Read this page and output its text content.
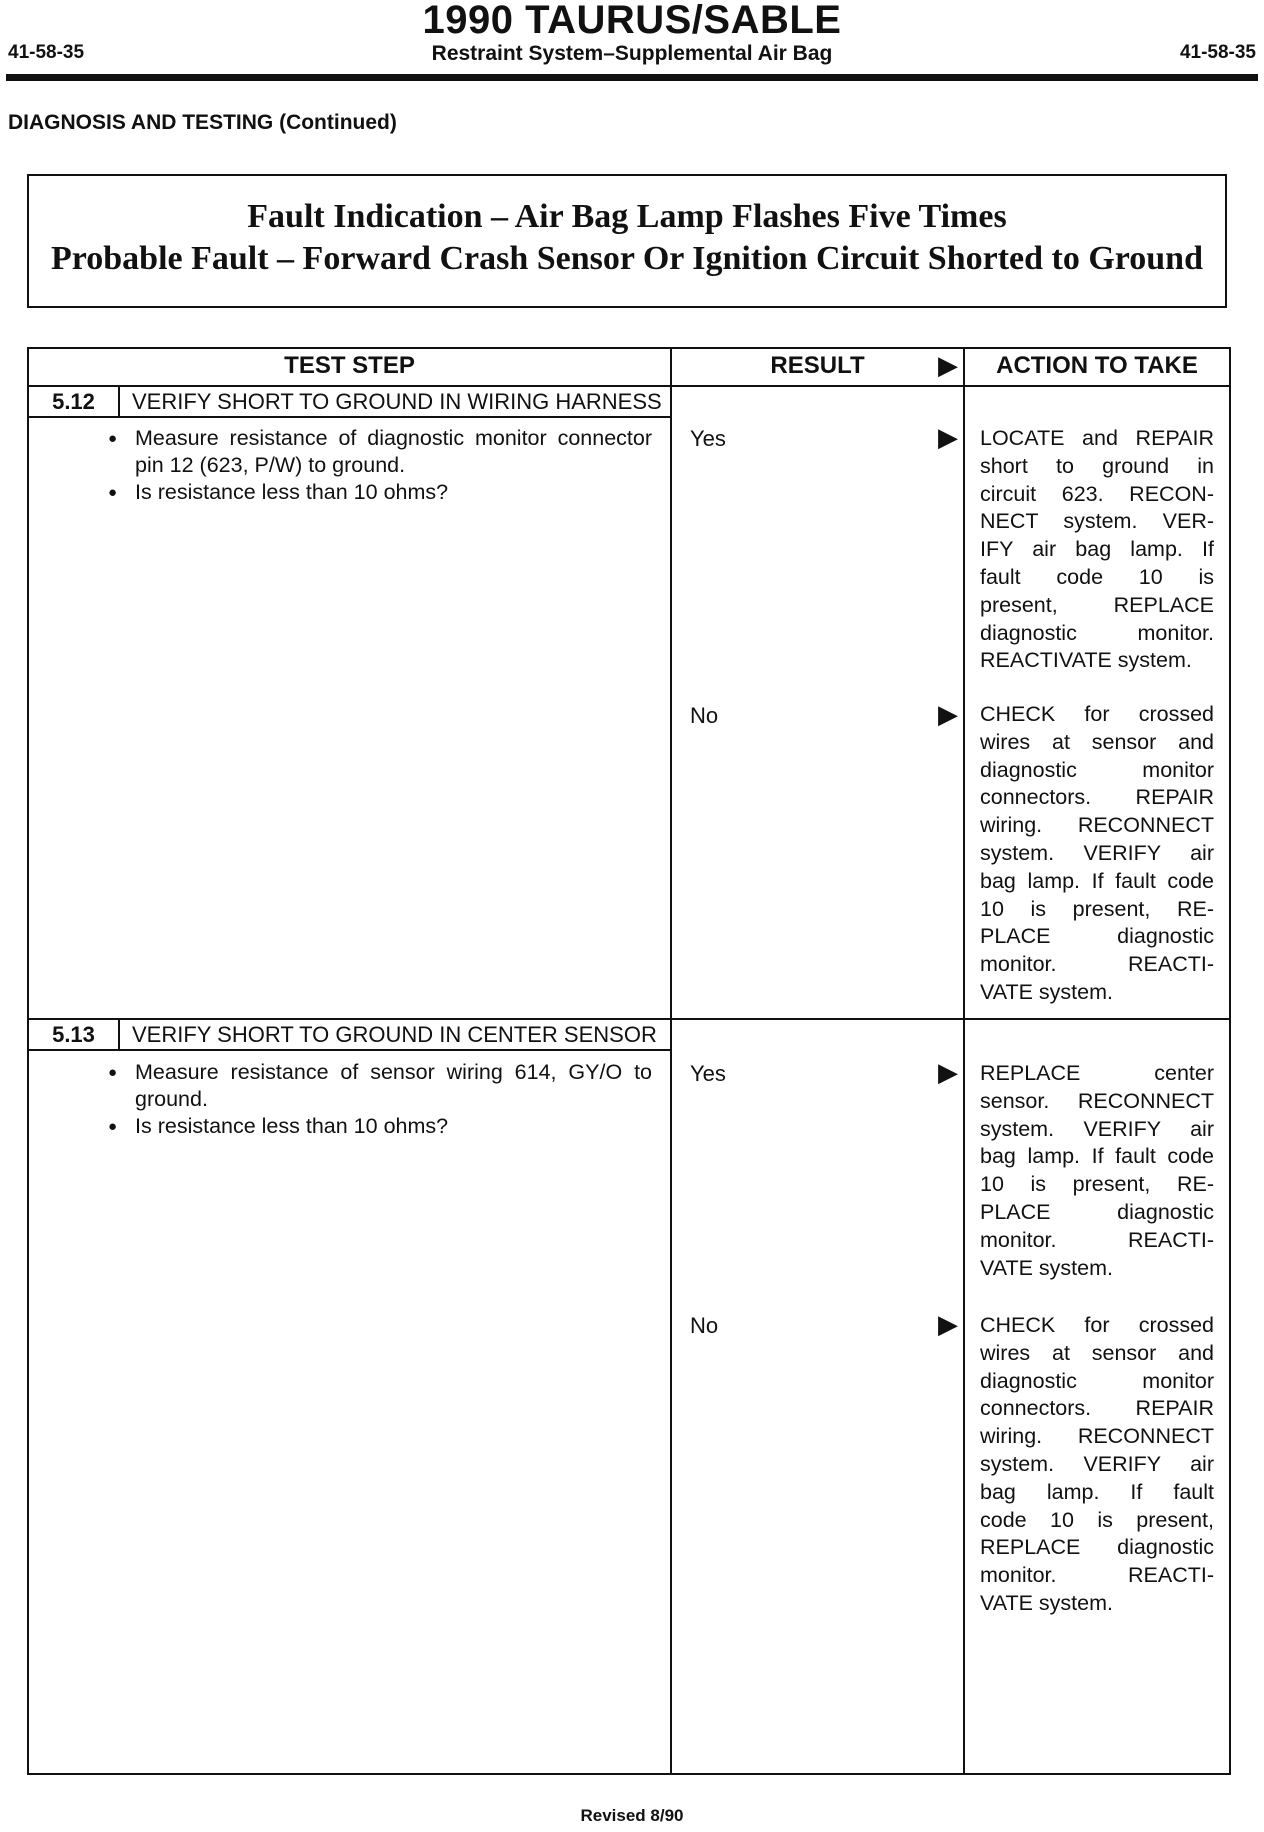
1990 TAURUS/SABLE
41-58-35	Restraint System–Supplemental Air Bag	41-58-35
DIAGNOSIS AND TESTING (Continued)
Fault Indication – Air Bag Lamp Flashes Five Times
Probable Fault – Forward Crash Sensor Or Ignition Circuit Shorted to Ground
TEST STEP	RESULT	▶	ACTION TO TAKE
5.12	VERIFY SHORT TO GROUND IN WIRING HARNESS
● Measure resistance of diagnostic monitor connector pin 12 (623, P/W) to ground.
● Is resistance less than 10 ohms?
Yes	▶ LOCATE and REPAIR
short to ground in
circuit 623. RECON-
NECT system. VER-
IFY air bag lamp. If
fault code 10 is
present, REPLACE
diagnostic monitor.
REACTIVATE system.
No	▶ CHECK for crossed
wires at sensor and
diagnostic monitor
connectors. REPAIR
wiring. RECONNECT
system. VERIFY air
bag lamp. If fault code
10 is present, RE-
PLACE diagnostic
monitor. REACTI-
VATE system.
5.13	VERIFY SHORT TO GROUND IN CENTER SENSOR
● Measure resistance of sensor wiring 614, GY/O to ground.
● Is resistance less than 10 ohms?
Yes	▶ REPLACE center
sensor. RECONNECT
system. VERIFY air
bag lamp. If fault code
10 is present, RE-
PLACE diagnostic
monitor. REACTI-
VATE system.
No	▶ CHECK for crossed
wires at sensor and
diagnostic monitor
connectors. REPAIR
wiring. RECONNECT
system. VERIFY air
bag lamp. If fault
code 10 is present,
REPLACE diagnostic
monitor. REACTI-
VATE system.
Revised 8/90
